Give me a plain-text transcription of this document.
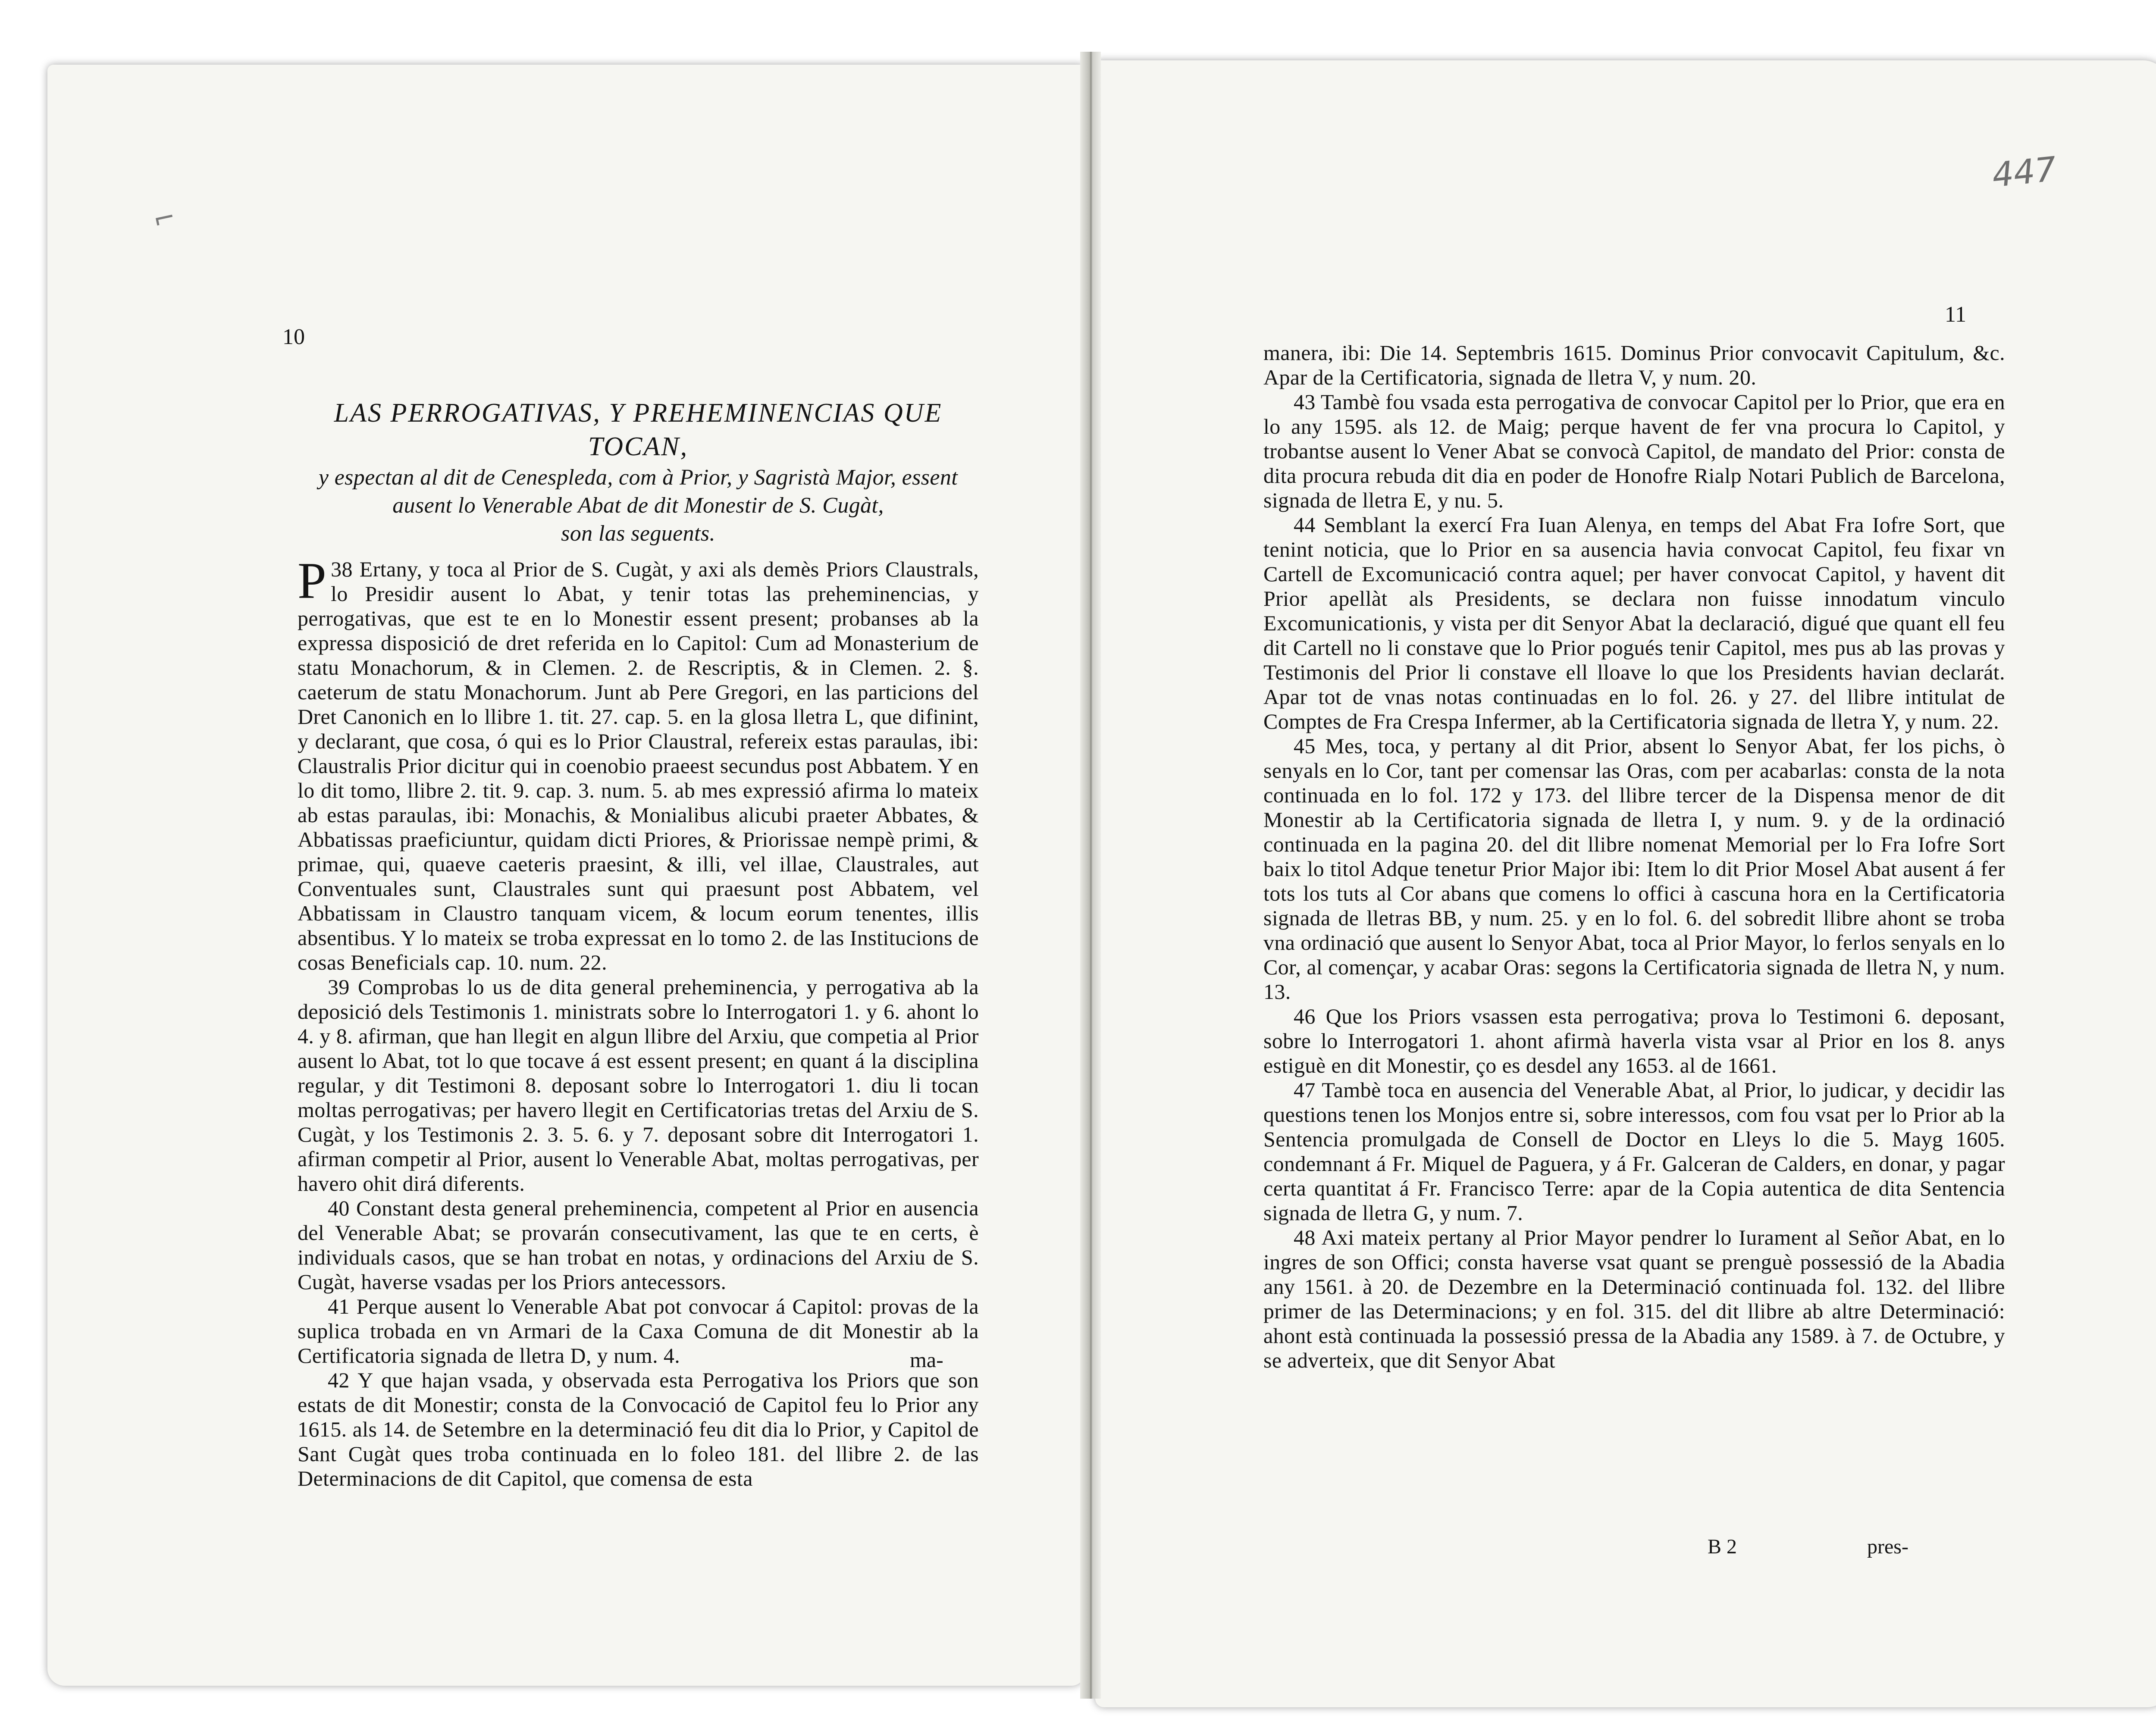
⌐
447
10
11
LAS PERROGATIVAS, Y PREHEMINENCIAS QUE TOCAN,
y espectan al dit de Cenespleda, com à Prior, y Sagristà Major, essent
ausent lo Venerable Abat de dit Monestir de S. Cugàt,
son las seguents.

38
P Ertany, y toca al Prior de S. Cugàt, y axi als demès Priors Claustrals, lo Presidir ausent lo Abat, y tenir totas las preheminencias, y perrogativas, que est te en lo Monestir essent present; probanses ab la expressa disposició de dret referida en lo Capitol: Cum ad Monasterium de statu Monachorum, & in Clemen. 2. de Rescriptis, & in Clemen. 2. §. caeterum de statu Monachorum. Junt ab Pere Gregori, en las particions del Dret Canonich en lo llibre 1. tit. 27. cap. 5. en la glosa lletra L, que difinint, y declarant, que cosa, ó qui es lo Prior Claustral, refereix estas paraulas, ibi: Claustralis Prior dicitur qui in coenobio praeest secundus post Abbatem. Y en lo dit tomo, llibre 2. tit. 9. cap. 3. num. 5. ab mes expressió afirma lo mateix ab estas paraulas, ibi: Monachis, & Monialibus alicubi praeter Abbates, & Abbatissas praeficiuntur, quidam dicti Priores, & Priorissae nempè primi, & primae, qui, quaeve caeteris praesint, & illi, vel illae, Claustrales, aut Conventuales sunt, Claustrales sunt qui praesunt post Abbatem, vel Abbatissam in Claustro tanquam vicem, & locum eorum tenentes, illis absentibus. Y lo mateix se troba expressat en lo tomo 2. de las Institucions de cosas Beneficials cap. 10. num. 22.

39 Comprobas lo us de dita general preheminencia, y perrogativa ab la deposició dels Testimonis 1. ministrats sobre lo Interrogatori 1. y 6. ahont lo 4. y 8. afirman, que han llegit en algun llibre del Arxiu, que competia al Prior ausent lo Abat, tot lo que tocave á est essent present; en quant á la disciplina regular, y dit Testimoni 8. deposant sobre lo Interrogatori 1. diu li tocan moltas perrogativas; per havero llegit en Certificatorias tretas del Arxiu de S. Cugàt, y los Testimonis 2. 3. 5. 6. y 7. deposant sobre dit Interrogatori 1. afirman competir al Prior, ausent lo Venerable Abat, moltas perrogativas, per havero ohit dirá diferents.

40 Constant desta general preheminencia, competent al Prior en ausencia del Venerable Abat; se provarán consecutivament, las que te en certs, è individuals casos, que se han trobat en notas, y ordinacions del Arxiu de S. Cugàt, haverse vsadas per los Priors antecessors.

41 Perque ausent lo Venerable Abat pot convocar á Capitol: provas de la suplica trobada en vn Armari de la Caxa Comuna de dit Monestir ab la Certificatoria signada de lletra D, y num. 4.

42 Y que hajan vsada, y observada esta Perrogativa los Priors que son estats de dit Monestir; consta de la Convocació de Capitol feu lo Prior any 1615. als 14. de Setembre en la determinació feu dit dia lo Prior, y Capitol de Sant Cugàt ques troba continuada en lo foleo 181. del llibre 2. de las Determinacions de dit Capitol, que comensa de esta

ma-

manera, ibi: Die 14. Septembris 1615. Dominus Prior convocavit Capitulum, &c. Apar de la Certificatoria, signada de lletra V, y num. 20.

43 Tambè fou vsada esta perrogativa de convocar Capitol per lo Prior, que era en lo any 1595. als 12. de Maig; perque havent de fer vna procura lo Capitol, y trobantse ausent lo Vener Abat se convocà Capitol, de mandato del Prior: consta de dita procura rebuda dit dia en poder de Honofre Rialp Notari Publich de Barcelona, signada de lletra E, y nu. 5.

44 Semblant la exercí Fra Iuan Alenya, en temps del Abat Fra Iofre Sort, que tenint noticia, que lo Prior en sa ausencia havia convocat Capitol, feu fixar vn Cartell de Excomunicació contra aquel; per haver convocat Capitol, y havent dit Prior apellàt als Presidents, se declara non fuisse innodatum vinculo Excomunicationis, y vista per dit Senyor Abat la declaració, digué que quant ell feu dit Cartell no li constave que lo Prior pogués tenir Capitol, mes pus ab las provas y Testimonis del Prior li constave ell lloave lo que los Presidents havian declarát. Apar tot de vnas notas continuadas en lo fol. 26. y 27. del llibre intitulat de Comptes de Fra Crespa Infermer, ab la Certificatoria signada de lletra Y, y num. 22.

45 Mes, toca, y pertany al dit Prior, absent lo Senyor Abat, fer los pichs, ò senyals en lo Cor, tant per comensar las Oras, com per acabarlas: consta de la nota continuada en lo fol. 172 y 173. del llibre tercer de la Dispensa menor de dit Monestir ab la Certificatoria signada de lletra I, y num. 9. y de la ordinació continuada en la pagina 20. del dit llibre nomenat Memorial per lo Fra Iofre Sort baix lo titol Adque tenetur Prior Major ibi: Item lo dit Prior Mosel Abat ausent á fer tots los tuts al Cor abans que comens lo offici à cascuna hora en la Certificatoria signada de lletras BB, y num. 25. y en lo fol. 6. del sobredit llibre ahont se troba vna ordinació que ausent lo Senyor Abat, toca al Prior Mayor, lo ferlos senyals en lo Cor, al començar, y acabar Oras: segons la Certificatoria signada de lletra N, y num. 13.

46 Que los Priors vsassen esta perrogativa; prova lo Testimoni 6. deposant, sobre lo Interrogatori 1. ahont afirmà haverla vista vsar al Prior en los 8. anys estiguè en dit Monestir, ço es desdel any 1653. al de 1661.

47 Tambè toca en ausencia del Venerable Abat, al Prior, lo judicar, y decidir las questions tenen los Monjos entre si, sobre interessos, com fou vsat per lo Prior ab la Sentencia promulgada de Consell de Doctor en Lleys lo die 5. Mayg 1605. condemnant á Fr. Miquel de Paguera, y á Fr. Galceran de Calders, en donar, y pagar certa quantitat á Fr. Francisco Terre: apar de la Copia autentica de dita Sentencia signada de lletra G, y num. 7.

48 Axi mateix pertany al Prior Mayor pendrer lo Iurament al Señor Abat, en lo ingres de son Offici; consta haverse vsat quant se prenguè possessió de la Abadia any 1561. à 20. de Dezembre en la Determinació continuada fol. 132. del llibre primer de las Determinacions; y en fol. 315. del dit llibre ab altre Determinació: ahont està continuada la possessió pressa de la Abadia any 1589. à 7. de Octubre, y se adverteix, que dit Senyor Abat

B 2	pres-
